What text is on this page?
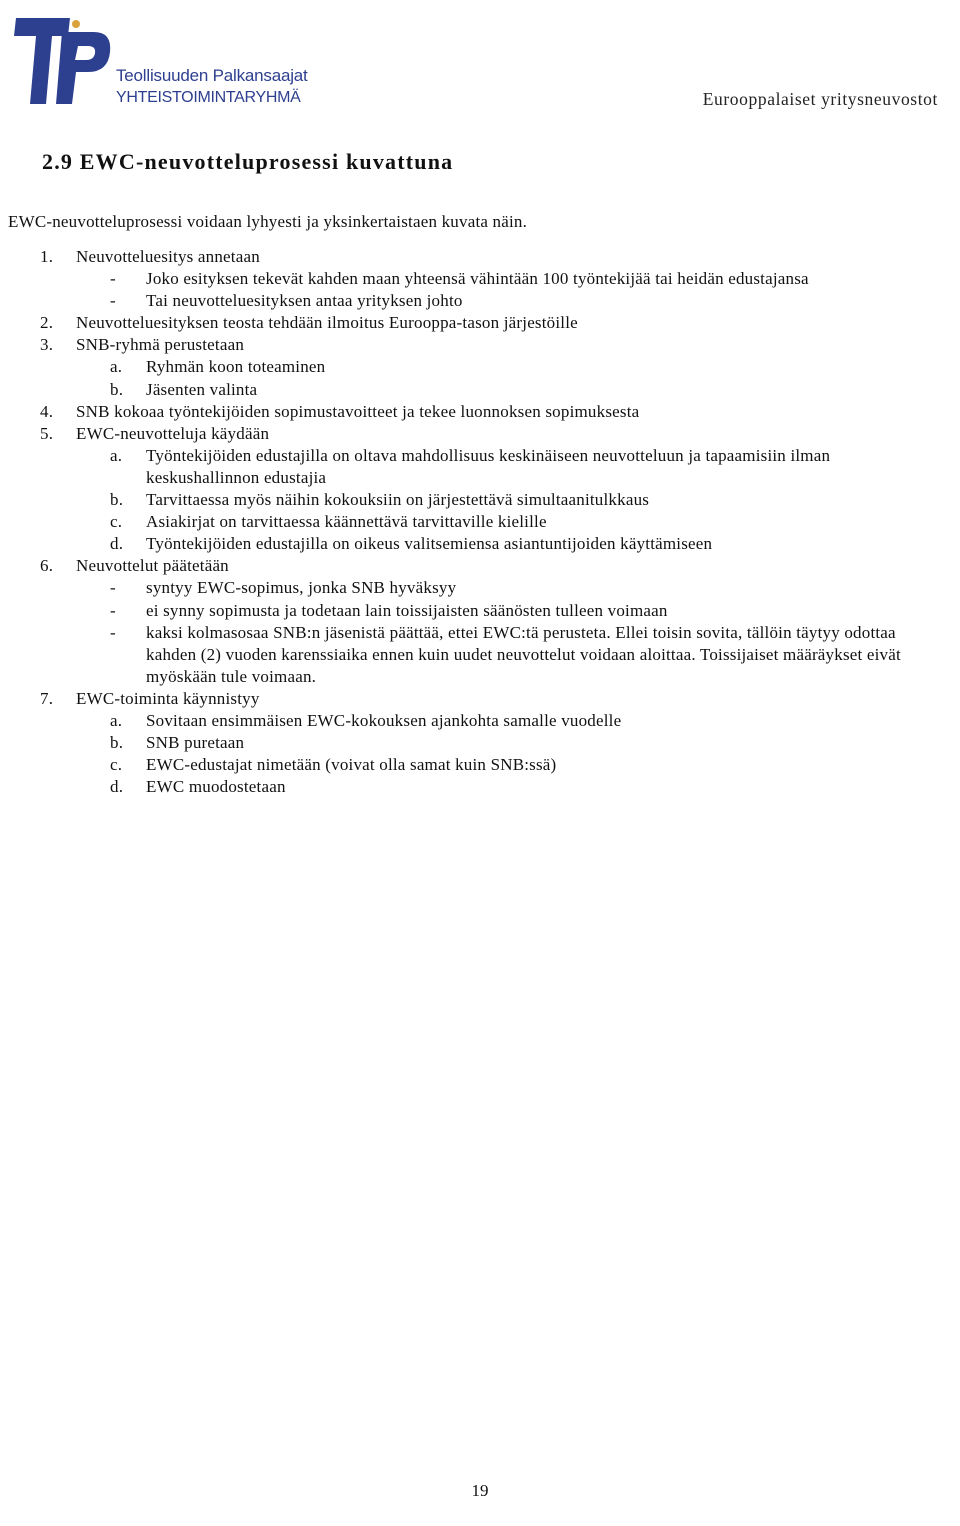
Teollisuuden Palkansaajat
YHTEISTOIMINTARYHMÄ	Eurooppalaiset yritysneuvostot
2.9 EWC-neuvotteluprosessi kuvattuna
EWC-neuvotteluprosessi voidaan lyhyesti ja yksinkertaistaen kuvata näin.
1. Neuvotteluesitys annetaan
- Joko esityksen tekevät kahden maan yhteensä vähintään 100 työntekijää tai heidän edustajansa
- Tai neuvotteluesityksen antaa yrityksen johto
2. Neuvotteluesityksen teosta tehdään ilmoitus Eurooppa-tason järjestöille
3. SNB-ryhmä perustetaan
a. Ryhmän koon toteaminen
b. Jäsenten valinta
4. SNB kokoaa työntekijöiden sopimustavoitteet ja tekee luonnoksen sopimuksesta
5. EWC-neuvotteluja käydään
a. Työntekijöiden edustajilla on oltava mahdollisuus keskinäiseen neuvotteluun ja tapaamisiin ilman keskushallinnon edustajia
b. Tarvittaessa myös näihin kokouksiin on järjestettävä simultaanitulkkaus
c. Asiakirjat on tarvittaessa käännettävä tarvittaville kielille
d. Työntekijöiden edustajilla on oikeus valitsemiensa asiantuntijoiden käyttämiseen
6. Neuvottelut päätetään
- syntyy EWC-sopimus, jonka SNB hyväksyy
- ei synny sopimusta ja todetaan lain toissijaisten säänösten tulleen voimaan
- kaksi kolmasosaa SNB:n jäsenistä päättää, ettei EWC:tä perusteta. Ellei toisin sovita, tällöin täytyy odottaa kahden (2) vuoden karenssiaika ennen kuin uudet neuvottelut voidaan aloittaa. Toissijaiset määräykset eivät myöskään tule voimaan.
7. EWC-toiminta käynnistyy
a. Sovitaan ensimmäisen EWC-kokouksen ajankohta samalle vuodelle
b. SNB puretaan
c. EWC-edustajat nimetään (voivat olla samat kuin SNB:ssä)
d. EWC muodostetaan
19
